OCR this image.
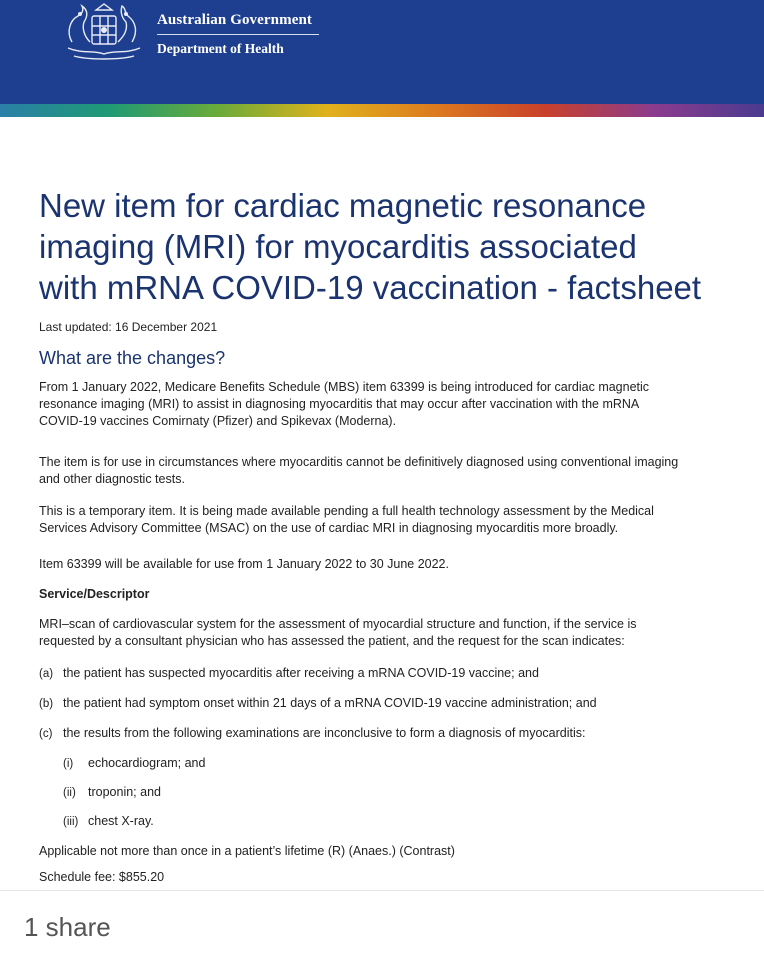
Australian Government
Department of Health
New item for cardiac magnetic resonance
imaging (MRI) for myocarditis associated
with mRNA COVID-19 vaccination - factsheet
Last updated: 16 December 2021
What are the changes?
From 1 January 2022, Medicare Benefits Schedule (MBS) item 63399 is being introduced for cardiac magnetic
resonance imaging (MRI) to assist in diagnosing myocarditis that may occur after vaccination with the mRNA
COVID-19 vaccines Comirnaty (Pfizer) and Spikevax (Moderna).
The item is for use in circumstances where myocarditis cannot be definitively diagnosed using conventional imaging
and other diagnostic tests.
This is a temporary item. It is being made available pending a full health technology assessment by the Medical
Services Advisory Committee (MSAC) on the use of cardiac MRI in diagnosing myocarditis more broadly.
Item 63399 will be available for use from 1 January 2022 to 30 June 2022.
Service/Descriptor
MRI–scan of cardiovascular system for the assessment of myocardial structure and function, if the service is
requested by a consultant physician who has assessed the patient, and the request for the scan indicates:
(a) the patient has suspected myocarditis after receiving a mRNA COVID-19 vaccine; and
(b) the patient had symptom onset within 21 days of a mRNA COVID-19 vaccine administration; and
(c) the results from the following examinations are inconclusive to form a diagnosis of myocarditis:
(i) echocardiogram; and
(ii) troponin; and
(iii) chest X-ray.
Applicable not more than once in a patient’s lifetime (R) (Anaes.) (Contrast)
Schedule fee: $855.20
1 share
